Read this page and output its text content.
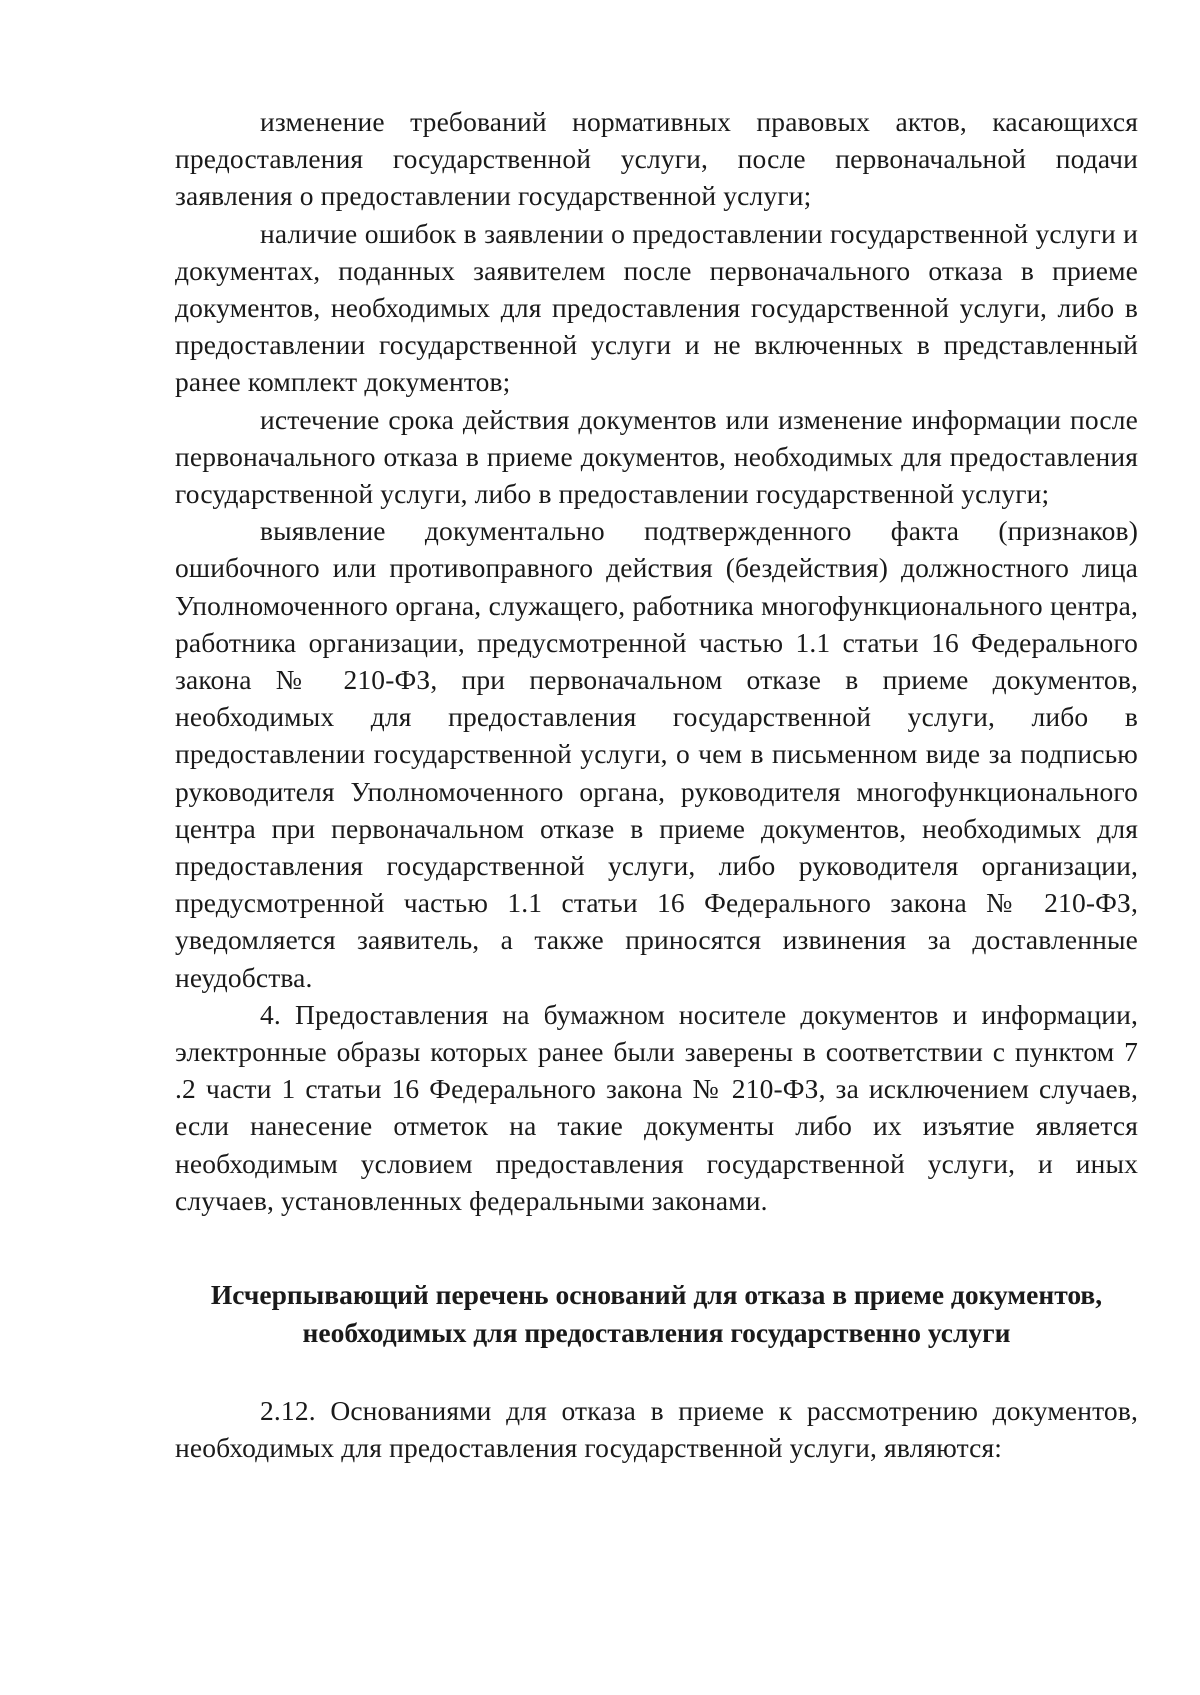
изменение требований нормативных правовых актов, касающихся предоставления государственной услуги, после первоначальной подачи заявления о предоставлении государственной услуги;

наличие ошибок в заявлении о предоставлении государственной услуги и документах, поданных заявителем после первоначального отказа в приеме документов, необходимых для предоставления государственной услуги, либо в предоставлении государственной услуги и не включенных в представленный ранее комплект документов;

истечение срока действия документов или изменение информации после первоначального отказа в приеме документов, необходимых для предоставления государственной услуги, либо в предоставлении государственной услуги;

выявление документально подтвержденного факта (признаков) ошибочного или противоправного действия (бездействия) должностного лица Уполномоченного органа, служащего, работника многофункционального центра, работника организации, предусмотренной частью 1.1 статьи 16 Федерального закона № 210-ФЗ, при первоначальном отказе в приеме документов, необходимых для предоставления государственной услуги, либо в предоставлении государственной услуги, о чем в письменном виде за подписью руководителя Уполномоченного органа, руководителя многофункционального центра при первоначальном отказе в приеме документов, необходимых для предоставления государственной услуги, либо руководителя организации, предусмотренной частью 1.1 статьи 16 Федерального закона № 210-ФЗ, уведомляется заявитель, а также приносятся извинения за доставленные неудобства.

4. Предоставления на бумажном носителе документов и информации, электронные образы которых ранее были заверены в соответствии с пунктом 7 .2 части 1 статьи 16 Федерального закона № 210-ФЗ, за исключением случаев, если нанесение отметок на такие документы либо их изъятие является необходимым условием предоставления государственной услуги, и иных случаев, установленных федеральными законами.

Исчерпывающий перечень оснований для отказа в приеме документов, необходимых для предоставления государственно услуги

2.12. Основаниями для отказа в приеме к рассмотрению документов, необходимых для предоставления государственной услуги, являются:
